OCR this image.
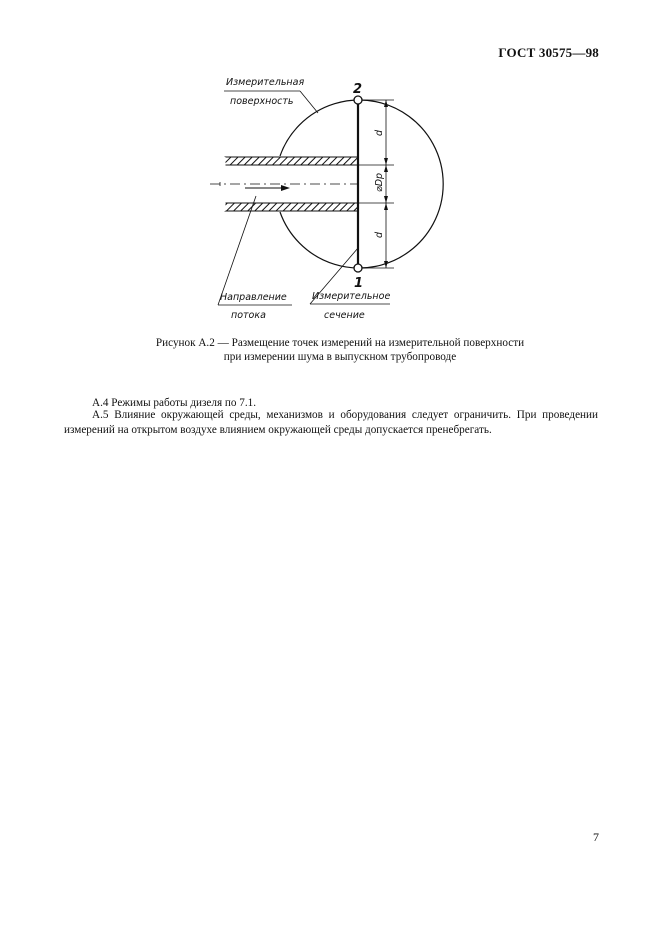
ГОСТ 30575—98
d
d
⌀Dр
2
1
Измерительная
поверхность
Направление
потока
Измерительное
сечение
Рисунок А.2 — Размещение точек измерений на измерительной поверхности
при измерении шума в выпускном трубопроводе
А.4 Режимы работы дизеля по 7.1.
А.5 Влияние окружающей среды, механизмов и оборудования следует ограничить. При проведении измерений на открытом воздухе влиянием окружающей среды допускается пренебрегать.
7
